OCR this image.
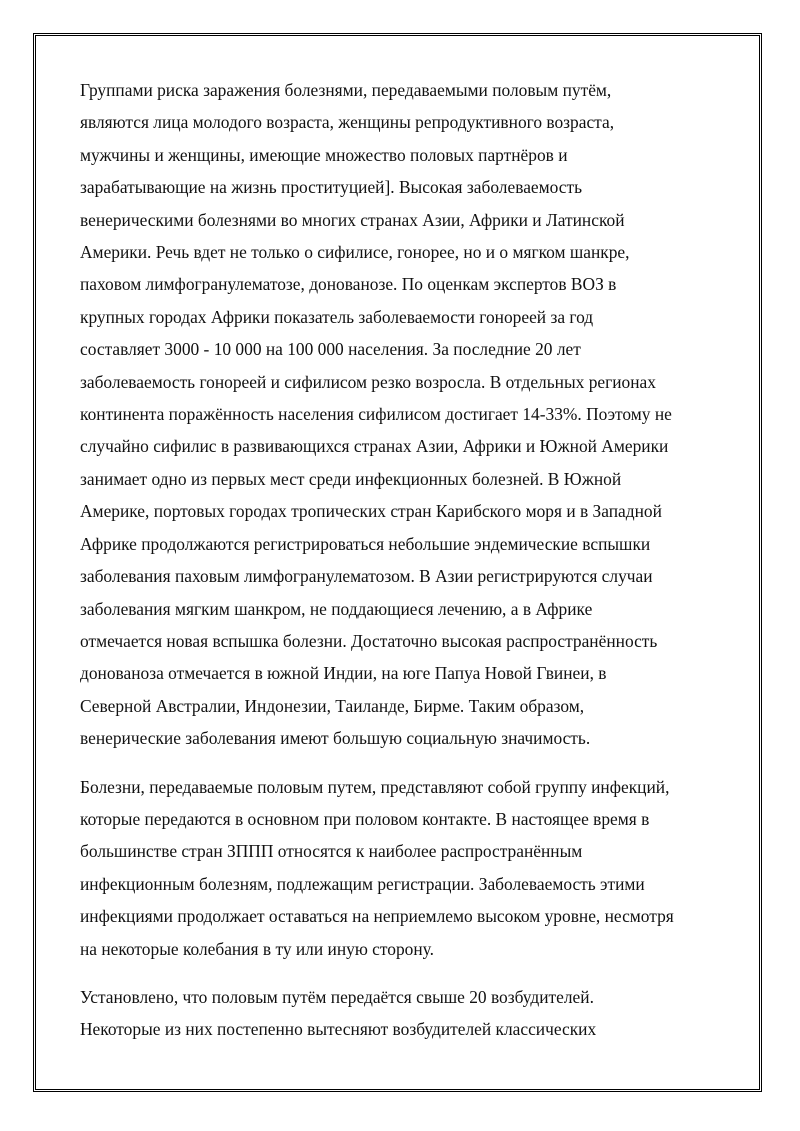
Группами риска заражения болезнями, передаваемыми половым путём,
являются лица молодого возраста, женщины репродуктивного возраста,
мужчины и женщины, имеющие множество половых партнёров и
зарабатывающие на жизнь проституцией]. Высокая заболеваемость
венерическими болезнями во многих странах Азии, Африки и Латинской
Америки. Речь вдет не только о сифилисе, гонорее, но и о мягком шанкре,
паховом лимфогранулематозе, донованозе. По оценкам экспертов ВОЗ в
крупных городах Африки показатель заболеваемости гонореей за год
составляет 3000 - 10 000 на 100 000 населения. За последние 20 лет
заболеваемость гонореей и сифилисом резко возросла. В отдельных регионах
континента поражённость населения сифилисом достигает 14-33%. Поэтому не
случайно сифилис в развивающихся странах Азии, Африки и Южной Америки
занимает одно из первых мест среди инфекционных болезней. В Южной
Америке, портовых городах тропических стран Карибского моря и в Западной
Африке продолжаются регистрироваться небольшие эндемические вспышки
заболевания паховым лимфогранулематозом. В Азии регистрируются случаи
заболевания мягким шанкром, не поддающиеся лечению, а в Африке
отмечается новая вспышка болезни. Достаточно высокая распространённость
донованоза отмечается в южной Индии, на юге Папуа Новой Гвинеи, в
Северной Австралии, Индонезии, Таиланде, Бирме. Таким образом,
венерические заболевания имеют большую социальную значимость.

Болезни, передаваемые половым путем, представляют собой группу инфекций,
которые передаются в основном при половом контакте. В настоящее время в
большинстве стран ЗППП относятся к наиболее распространённым
инфекционным болезням, подлежащим регистрации. Заболеваемость этими
инфекциями продолжает оставаться на неприемлемо высоком уровне, несмотря
на некоторые колебания в ту или иную сторону.

Установлено, что половым путём передаётся свыше 20 возбудителей.
Некоторые из них постепенно вытесняют возбудителей классических
